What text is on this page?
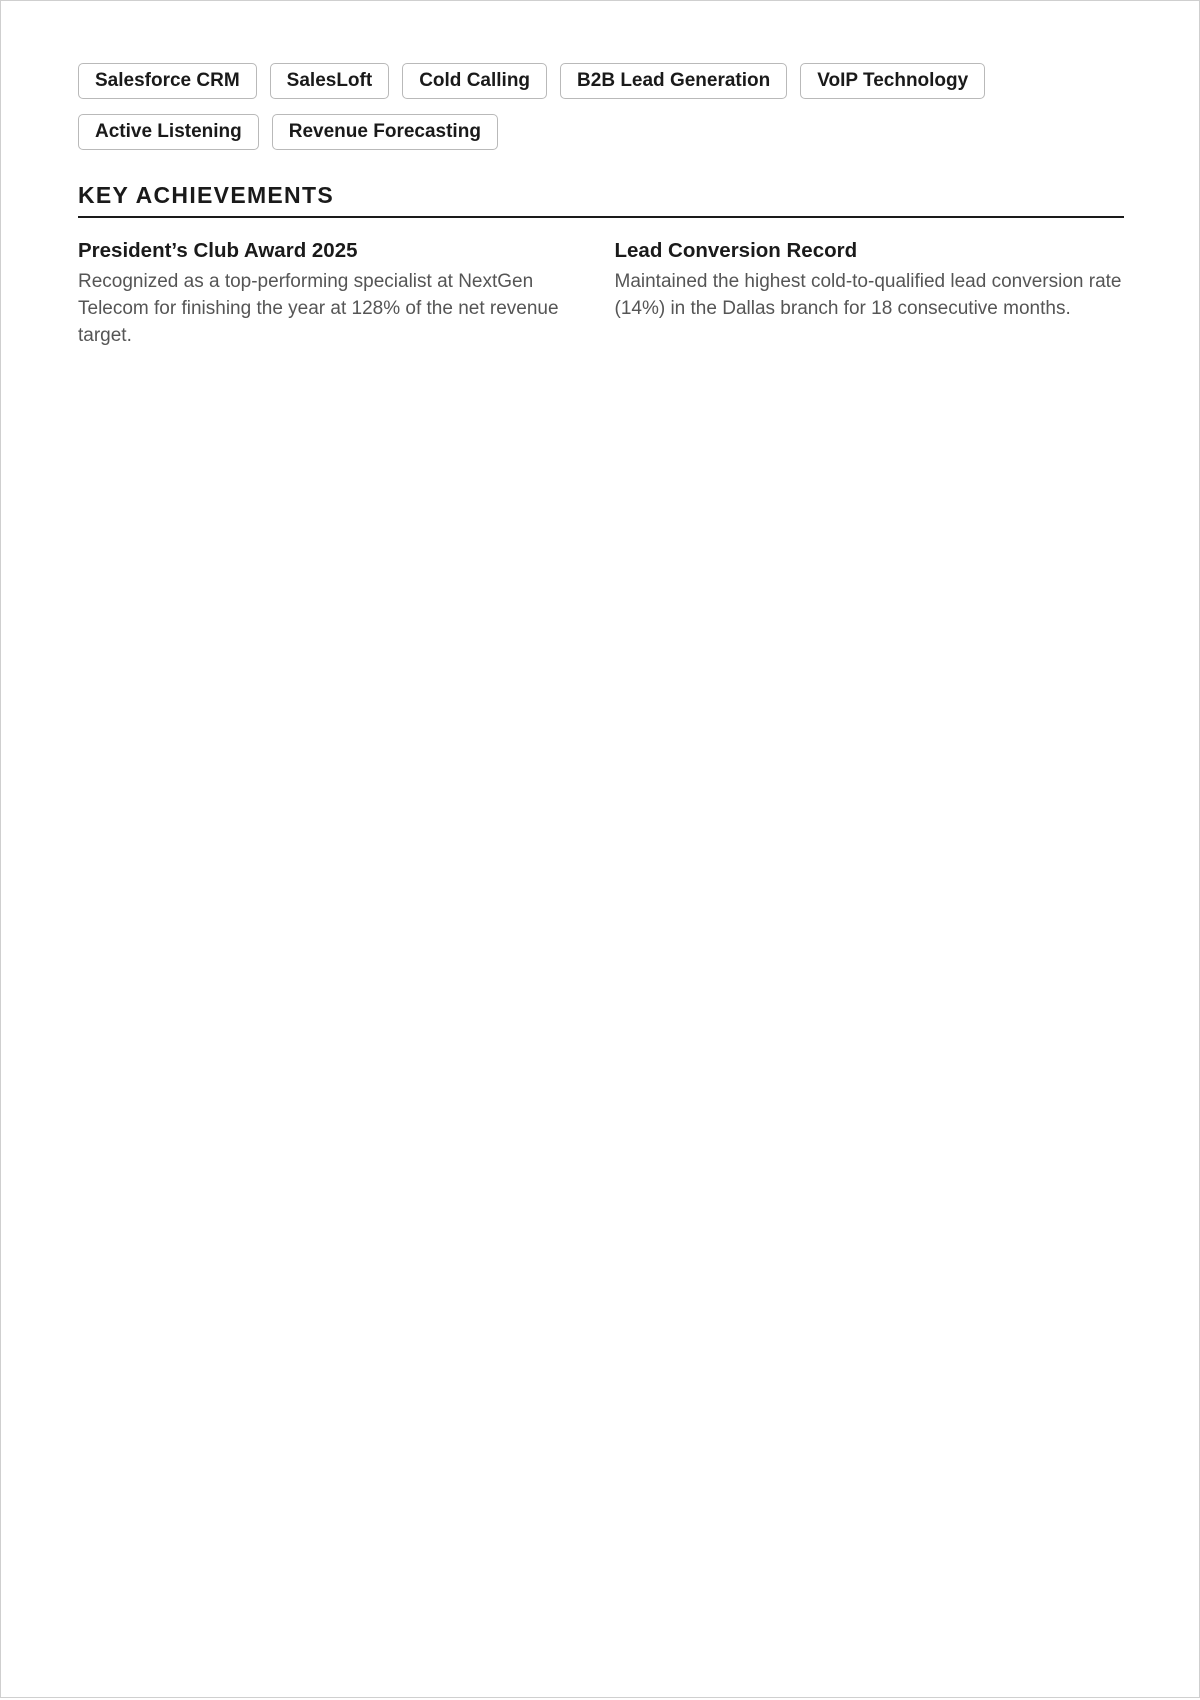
Salesforce CRM	SalesLoft	Cold Calling	B2B Lead Generation	VoIP Technology
Active Listening	Revenue Forecasting
KEY ACHIEVEMENTS
President’s Club Award 2025
Recognized as a top-performing specialist at NextGen Telecom for finishing the year at 128% of the net revenue target.
Lead Conversion Record
Maintained the highest cold-to-qualified lead conversion rate (14%) in the Dallas branch for 18 consecutive months.
